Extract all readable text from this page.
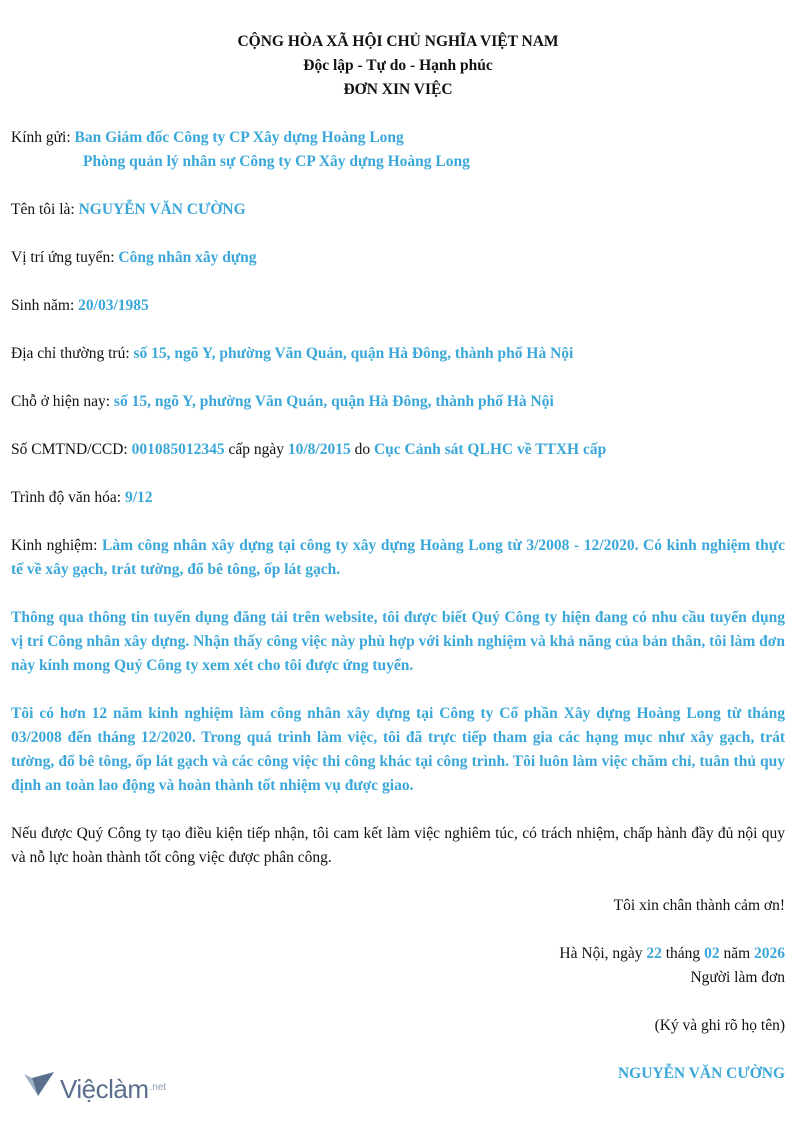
CỘNG HÒA XÃ HỘI CHỦ NGHĨA VIỆT NAM
Độc lập - Tự do - Hạnh phúc
ĐƠN XIN VIỆC

Kính gửi: Ban Giám đốc Công ty CP Xây dựng Hoàng Long

Phòng quản lý nhân sự Công ty CP Xây dựng Hoàng Long

Tên tôi là: NGUYỄN VĂN CƯỜNG

Vị trí ứng tuyển: Công nhân xây dựng

Sinh năm: 20/03/1985

Địa chỉ thường trú: số 15, ngõ Y, phường Văn Quán, quận Hà Đông, thành phố Hà Nội

Chỗ ở hiện nay: số 15, ngõ Y, phường Văn Quán, quận Hà Đông, thành phố Hà Nội

Số CMTND/CCD: 001085012345 cấp ngày 10/8/2015 do Cục Cảnh sát QLHC về TTXH cấp

Trình độ văn hóa: 9/12

Kinh nghiệm: Làm công nhân xây dựng tại công ty xây dựng Hoàng Long từ 3/2008 - 12/2020. Có kinh nghiệm thực tế về xây gạch, trát tường, đổ bê tông, ốp lát gạch.

Thông qua thông tin tuyển dụng đăng tải trên website, tôi được biết Quý Công ty hiện đang có nhu cầu tuyển dụng vị trí Công nhân xây dựng. Nhận thấy công việc này phù hợp với kinh nghiệm và khả năng của bản thân, tôi làm đơn này kính mong Quý Công ty xem xét cho tôi được ứng tuyển.

Tôi có hơn 12 năm kinh nghiệm làm công nhân xây dựng tại Công ty Cổ phần Xây dựng Hoàng Long từ tháng 03/2008 đến tháng 12/2020. Trong quá trình làm việc, tôi đã trực tiếp tham gia các hạng mục như xây gạch, trát tường, đổ bê tông, ốp lát gạch và các công việc thi công khác tại công trình. Tôi luôn làm việc chăm chỉ, tuân thủ quy định an toàn lao động và hoàn thành tốt nhiệm vụ được giao.

Nếu được Quý Công ty tạo điều kiện tiếp nhận, tôi cam kết làm việc nghiêm túc, có trách nhiệm, chấp hành đầy đủ nội quy và nỗ lực hoàn thành tốt công việc được phân công.

Tôi xin chân thành cảm ơn!

Hà Nội, ngày 22 tháng 02 năm 2026

Người làm đơn

(Ký và ghi rõ họ tên)

NGUYỄN VĂN CƯỜNG

Việclàm .net
